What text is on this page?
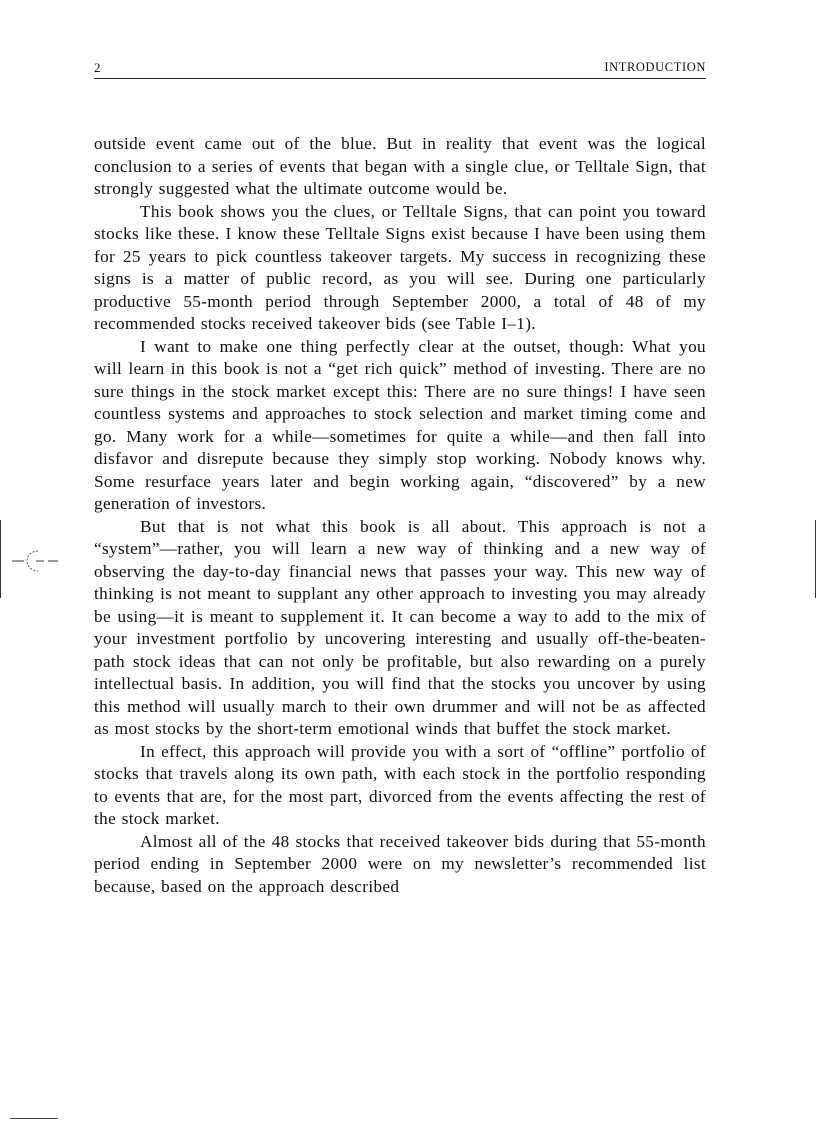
2	INTRODUCTION

outside event came out of the blue. But in reality that event was the logical conclusion to a series of events that began with a single clue, or Telltale Sign, that strongly suggested what the ultimate outcome would be.

This book shows you the clues, or Telltale Signs, that can point you toward stocks like these. I know these Telltale Signs exist because I have been using them for 25 years to pick countless takeover targets. My success in recognizing these signs is a matter of public record, as you will see. During one particularly productive 55-month period through September 2000, a total of 48 of my recommended stocks received takeover bids (see Table I–1).

I want to make one thing perfectly clear at the outset, though: What you will learn in this book is not a “get rich quick” method of investing. There are no sure things in the stock market except this: There are no sure things! I have seen countless systems and approaches to stock selection and market timing come and go. Many work for a while—sometimes for quite a while—and then fall into disfavor and disrepute because they simply stop working. Nobody knows why. Some resurface years later and begin working again, “discovered” by a new generation of investors.

But that is not what this book is all about. This approach is not a “system”—rather, you will learn a new way of thinking and a new way of observing the day-to-day financial news that passes your way. This new way of thinking is not meant to supplant any other approach to investing you may already be using—it is meant to supplement it. It can become a way to add to the mix of your investment portfolio by uncovering interesting and usually off-the-beaten-path stock ideas that can not only be profitable, but also rewarding on a purely intellectual basis. In addition, you will find that the stocks you uncover by using this method will usually march to their own drummer and will not be as affected as most stocks by the short-term emotional winds that buffet the stock market.

In effect, this approach will provide you with a sort of “offline” portfolio of stocks that travels along its own path, with each stock in the portfolio responding to events that are, for the most part, divorced from the events affecting the rest of the stock market.

Almost all of the 48 stocks that received takeover bids during that 55-month period ending in September 2000 were on my newsletter’s recommended list because, based on the approach described
